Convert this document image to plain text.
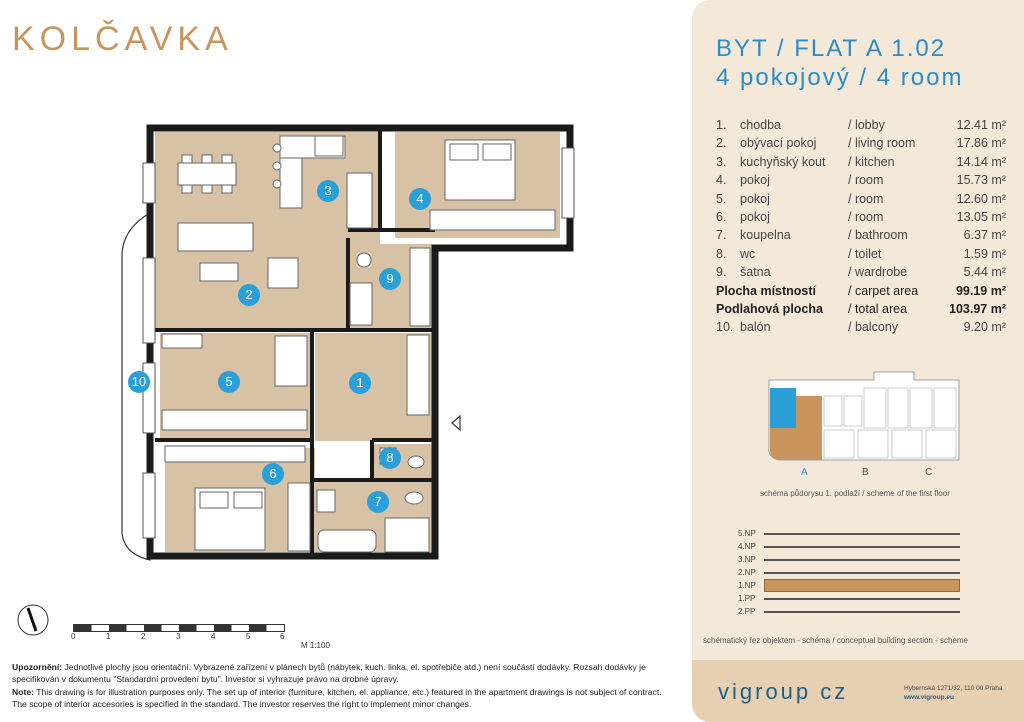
KOLČAVKA
1
2
3
4
5
6
7
8
9
10
0	1	2	3	4	5	6
M 1:100
Upozornění: Jednotlivé plochy jsou orientační. Vybrazené zařízení v plánech bytů (nábytek, kuch. linka, el. spotřebiče atd.) není součástí dodávky. Rozsah dodávky je specifikován v dokumentu "Standardní provedení bytu". Investor si vyhrazuje právo na drobné úpravy.
Note: This drawing is for illustration purposes only. The set up of interior (furniture, kitchen, el. appliance, etc.) featured in the apartment drawings is not subject of contract. The scope of interior accesories is specified in the standard. The investor reserves the right to implement minor changes.
BYT / FLAT A 1.02
4 pokojový / 4 room
1.	chodba	/ lobby	12.41 m²
2.	obývací pokoj	/ living room	17.86 m²
3.	kuchyňský kout	/ kitchen	14.14 m²
4.	pokoj	/ room	15.73 m²
5.	pokoj	/ room	12.60 m²
6.	pokoj	/ room	13.05 m²
7.	koupelna	/ bathroom	6.37 m²
8.	wc	/ toilet	1.59 m²
9.	šatna	/ wardrobe	5.44 m²
Plocha místností	/ carpet area	99.19 m²
Podlahová plocha	/ total area	103.97 m²
10. balón	/ balcony	9.20 m²
A	B	C
schéma půdorysu 1. podlaží / scheme of the first floor
5.NP
4.NP
3.NP
2.NP
1.NP
1.PP
2.PP
schématický řez objektem - schéma / conceptual building section - scheme
vigroup cz	Hybernská 1271/32, 110 00 Praha
www.vigroup.eu
